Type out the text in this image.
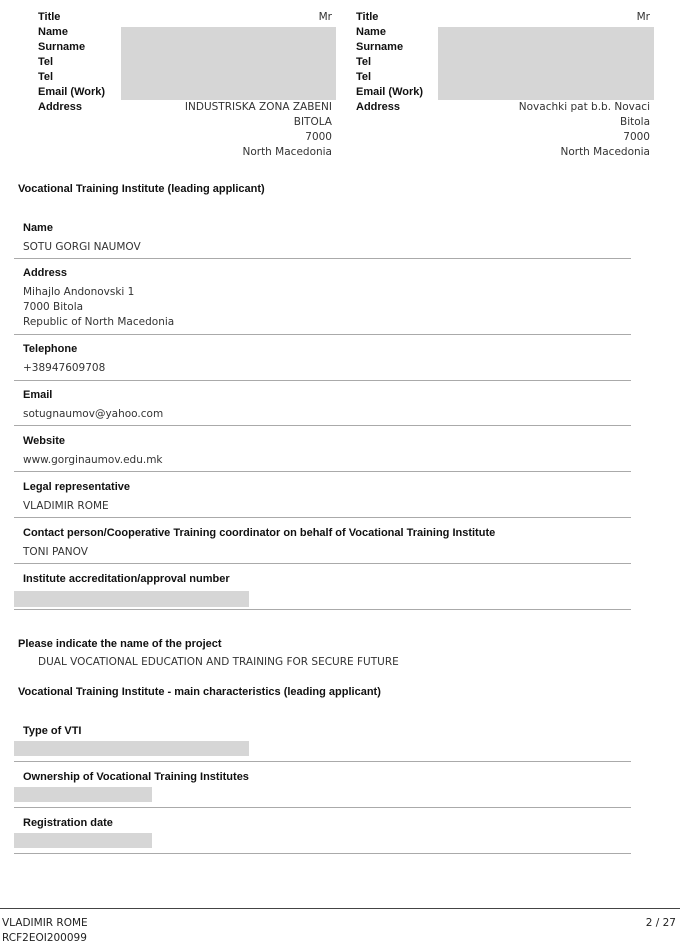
Title	Mr
Name
Surname
Tel
Tel
Email (Work)
Address	INDUSTRISKA ZONA ZABENI
BITOLA
7000
North Macedonia
Title	Mr
Name
Surname
Tel
Tel
Email (Work)
Address	Novachki pat b.b. Novaci
Bitola
7000
North Macedonia
Vocational Training Institute (leading applicant)
Name
SOTU GORGI NAUMOV
Address
Mihajlo Andonovski 1
7000 Bitola
Republic of North Macedonia
Telephone
+38947609708
Email
sotugnaumov@yahoo.com
Website
www.gorginaumov.edu.mk
Legal representative
VLADIMIR ROME
Contact person/Cooperative Training coordinator on behalf of Vocational Training Institute
TONI PANOV
Institute accreditation/approval number
Please indicate the name of the project
DUAL VOCATIONAL EDUCATION AND TRAINING FOR SECURE FUTURE
Vocational Training Institute - main characteristics (leading applicant)
Type of VTI
Ownership of Vocational Training Institutes
Registration date
VLADIMIR ROME
RCF2EOI200099
2 / 27
